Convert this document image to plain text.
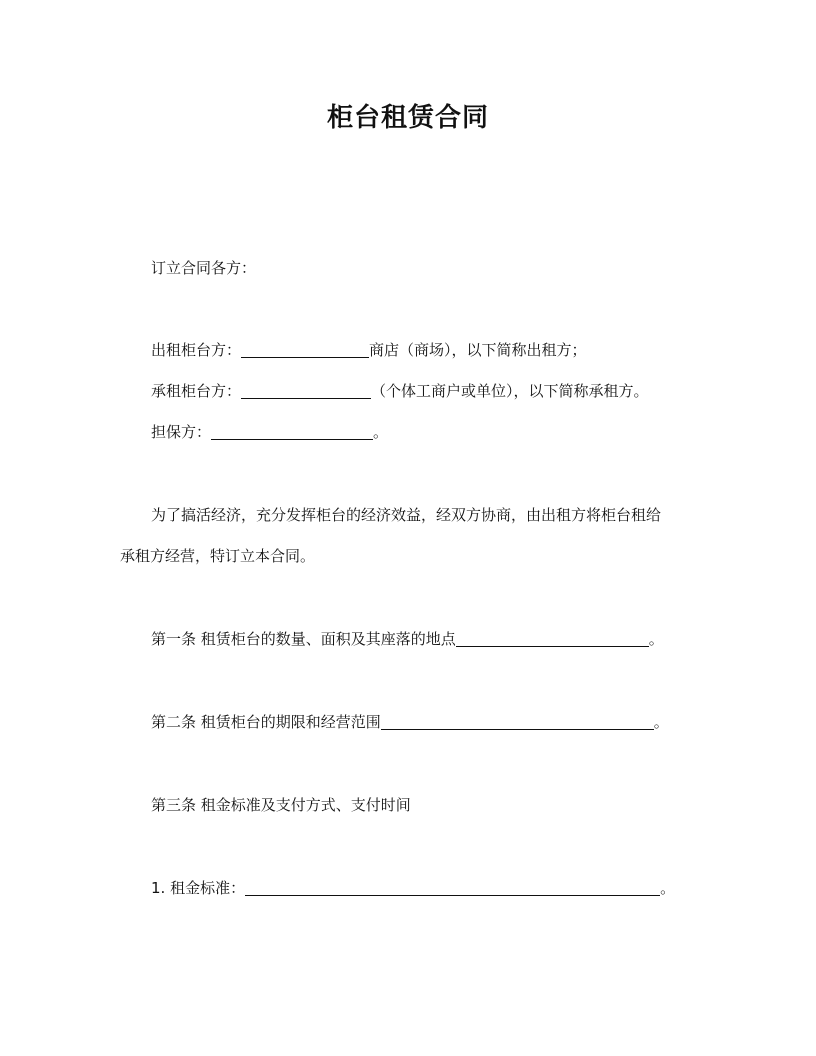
柜台租赁合同

订立合同各方：

出租柜台方：	商店（商场），以下简称出租方；

承租柜台方：	（个体工商户或单位），以下简称承租方。

担保方：	。

为了搞活经济，充分发挥柜台的经济效益，经双方协商，由出租方将柜台租给

承租方经营，特订立本合同。

第一条 租赁柜台的数量、面积及其座落的地点	。

第二条 租赁柜台的期限和经营范围	。

第三条 租金标准及支付方式、支付时间

1. 租金标准：	。
